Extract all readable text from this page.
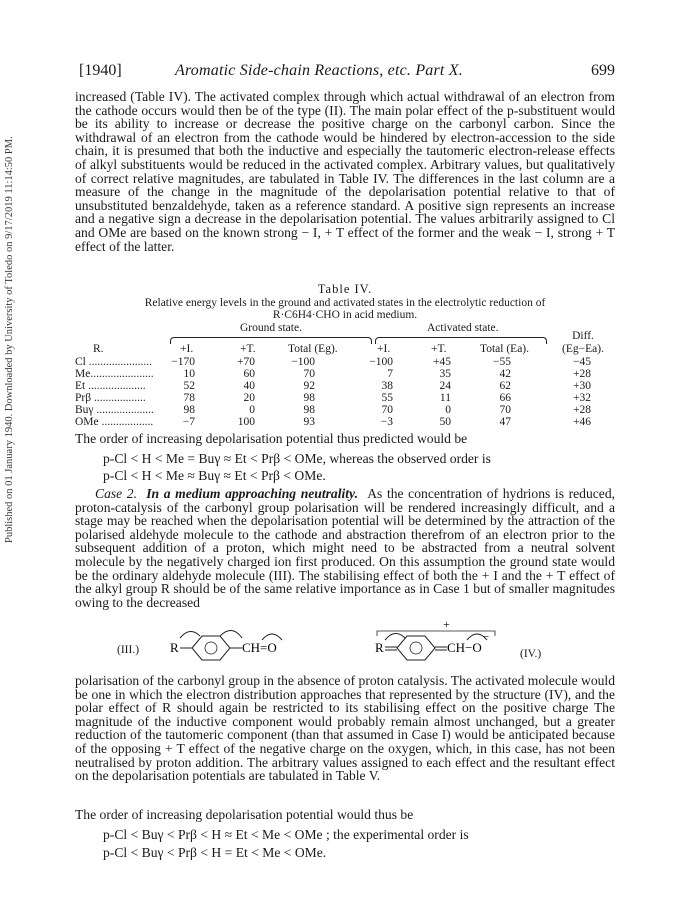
Published on 01 January 1940. Downloaded by University of Toledo on 9/17/2019 11:14:50 PM.
[1940]	Aromatic Side-chain Reactions, etc. Part X.	699
increased (Table IV). The activated complex through which actual withdrawal of an electron from the cathode occurs would then be of the type (II). The main polar effect of the p-substituent would be its ability to increase or decrease the positive charge on the carbonyl carbon. Since the withdrawal of an electron from the cathode would be hindered by electron-accession to the side chain, it is presumed that both the inductive and especially the tautomeric electron-release effects of alkyl substituents would be reduced in the activated complex. Arbitrary values, but qualitatively of correct relative magnitudes, are tabulated in Table IV. The differences in the last column are a measure of the change in the magnitude of the depolarisation potential relative to that of unsubstituted benzaldehyde, taken as a reference standard. A positive sign represents an increase and a negative sign a decrease in the depolarisation potential. The values arbitrarily assigned to Cl and OMe are based on the known strong − I, + T effect of the former and the weak − I, strong + T effect of the latter.
Table IV.
Relative energy levels in the ground and activated states in the electrolytic reduction of
R·C6H4·CHO in acid medium.
Ground state.	Activated state.
Diff.
R.	+I.	+T.	Total (Eg).	+I.	+T.	Total (Ea).	(Eg−Ea).
Cl ......................	−170	+70	−100	−100	+45	−55	−45
Me......................	10	60	70	7	35	42	+28
Et ....................	52	40	92	38	24	62	+30
Prβ ..................	78	20	98	55	11	66	+32
Buγ ....................	98	0	98	70	0	70	+28
OMe ..................	−7	100	93	−3	50	47	+46
The order of increasing depolarisation potential thus predicted would be
p-Cl < H < Me = Buγ ≈ Et < Prβ < OMe, whereas the observed order is
p-Cl < H < Me ≈ Buγ ≈ Et < Prβ < OMe.
Case 2. In a medium approaching neutrality. As the concentration of hydrions is reduced, proton-catalysis of the carbonyl group polarisation will be rendered increasingly difficult, and a stage may be reached when the depolarisation potential will be determined by the attraction of the polarised aldehyde molecule to the cathode and abstraction therefrom of an electron prior to the subsequent addition of a proton, which might need to be abstracted from a neutral solvent molecule by the negatively charged ion first produced. On this assumption the ground state would be the ordinary aldehyde molecule (III). The stabilising effect of both the + I and the + T effect of the alkyl group R should be of the same relative importance as in Case 1 but of smaller magnitudes owing to the decreased
(III.) R	CH=O
+
R	CH−O
−
(IV.)
polarisation of the carbonyl group in the absence of proton catalysis. The activated molecule would be one in which the electron distribution approaches that represented by the structure (IV), and the polar effect of R should again be restricted to its stabilising effect on the positive charge The magnitude of the inductive component would probably remain almost unchanged, but a greater reduction of the tautomeric component (than that assumed in Case I) would be anticipated because of the opposing + T effect of the negative charge on the oxygen, which, in this case, has not been neutralised by proton addition. The arbitrary values assigned to each effect and the resultant effect on the depolarisation potentials are tabulated in Table V.
The order of increasing depolarisation potential would thus be
p-Cl < Buγ < Prβ < H ≈ Et < Me < OMe ; the experimental order is
p-Cl < Buγ < Prβ < H = Et < Me < OMe.
